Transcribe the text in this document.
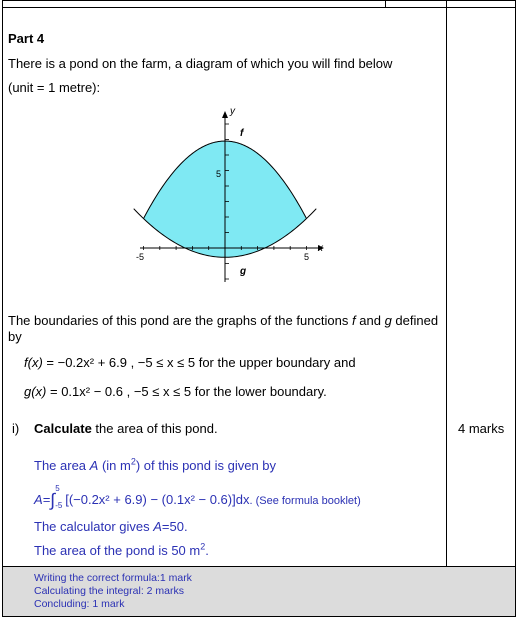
Part 4
There is a pond on the farm, a diagram of which you will find below
(unit = 1 metre):
y
x
f
g
5
-5	5
The boundaries of this pond are the graphs of the functions f and g defined
by
f(x) = −0.2x² + 6.9 , −5 ≤ x ≤ 5 for the upper boundary and
g(x) = 0.1x² − 0.6 , −5 ≤ x ≤ 5 for the lower boundary.
i) Calculate the area of this pond.	4 marks
The area A (in $m^2$) of this pond is given by
A=∫
5
-5 [(−0.2x² + 6.9) − (0.1x² − 0.6)]dx. (See formula booklet)
The calculator gives A=50.
The area of the pond is 50 $m^2$.
Writing the correct formula:1 mark
Calculating the integral: 2 marks
Concluding: 1 mark
